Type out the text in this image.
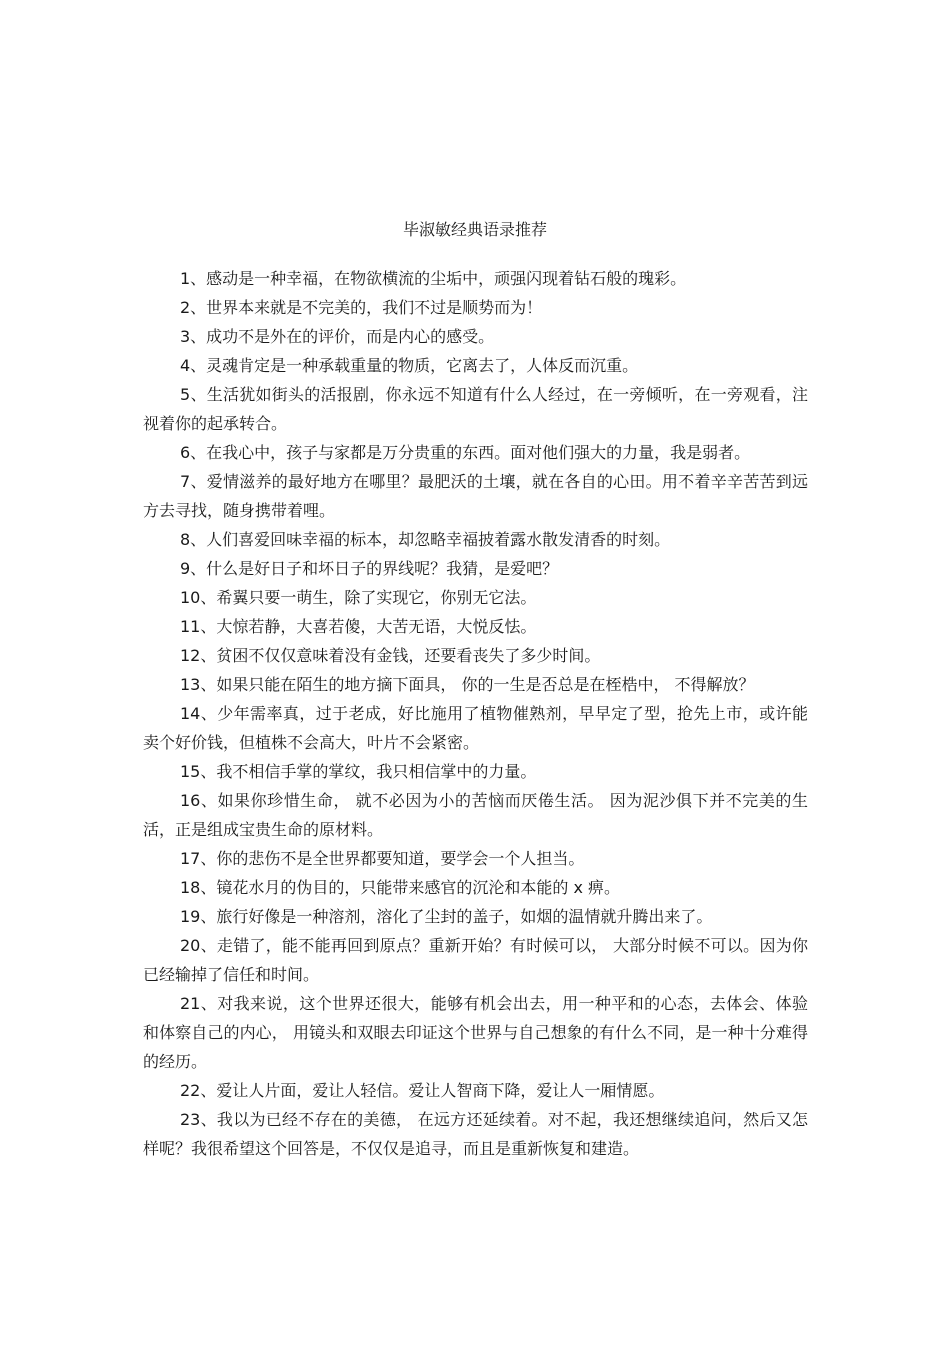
毕淑敏经典语录推荐

1、感动是一种幸福，在物欲横流的尘垢中，顽强闪现着钻石般的瑰彩。

2、世界本来就是不完美的，我们不过是顺势而为！

3、成功不是外在的评价，而是内心的感受。

4、灵魂肯定是一种承载重量的物质，它离去了，人体反而沉重。

5、生活犹如街头的活报剧，你永远不知道有什么人经过，在一旁倾听，在一旁观看，注视着你的起承转合。

6、在我心中，孩子与家都是万分贵重的东西。面对他们强大的力量，我是弱者。

7、爱情滋养的最好地方在哪里？最肥沃的土壤，就在各自的心田。用不着辛辛苦苦到远方去寻找，随身携带着哩。

8、人们喜爱回味幸福的标本，却忽略幸福披着露水散发清香的时刻。

9、什么是好日子和坏日子的界线呢？我猜，是爱吧？

10、希翼只要一萌生，除了实现它，你别无它法。

11、大惊若静，大喜若傻，大苦无语，大悦反怯。

12、贫困不仅仅意味着没有金钱，还要看丧失了多少时间。

13、如果只能在陌生的地方摘下面具， 你的一生是否总是在桎梏中， 不得解放？

14、少年需率真，过于老成，好比施用了植物催熟剂，早早定了型，抢先上市，或许能卖个好价钱，但植株不会高大，叶片不会紧密。

15、我不相信手掌的掌纹，我只相信掌中的力量。

16、如果你珍惜生命， 就不必因为小的苦恼而厌倦生活。 因为泥沙俱下并不完美的生活，正是组成宝贵生命的原材料。

17、你的悲伤不是全世界都要知道，要学会一个人担当。

18、镜花水月的伪目的，只能带来感官的沉沦和本能的 x 痹。

19、旅行好像是一种溶剂，溶化了尘封的盖子，如烟的温情就升腾出来了。

20、走错了，能不能再回到原点？重新开始？有时候可以， 大部分时候不可以。因为你已经输掉了信任和时间。

21、对我来说，这个世界还很大，能够有机会出去，用一种平和的心态，去体会、体验和体察自己的内心， 用镜头和双眼去印证这个世界与自己想象的有什么不同，是一种十分难得的经历。

22、爱让人片面，爱让人轻信。爱让人智商下降，爱让人一厢情愿。

23、我以为已经不存在的美德， 在远方还延续着。对不起，我还想继续追问，然后又怎样呢？我很希望这个回答是，不仅仅是追寻，而且是重新恢复和建造。
